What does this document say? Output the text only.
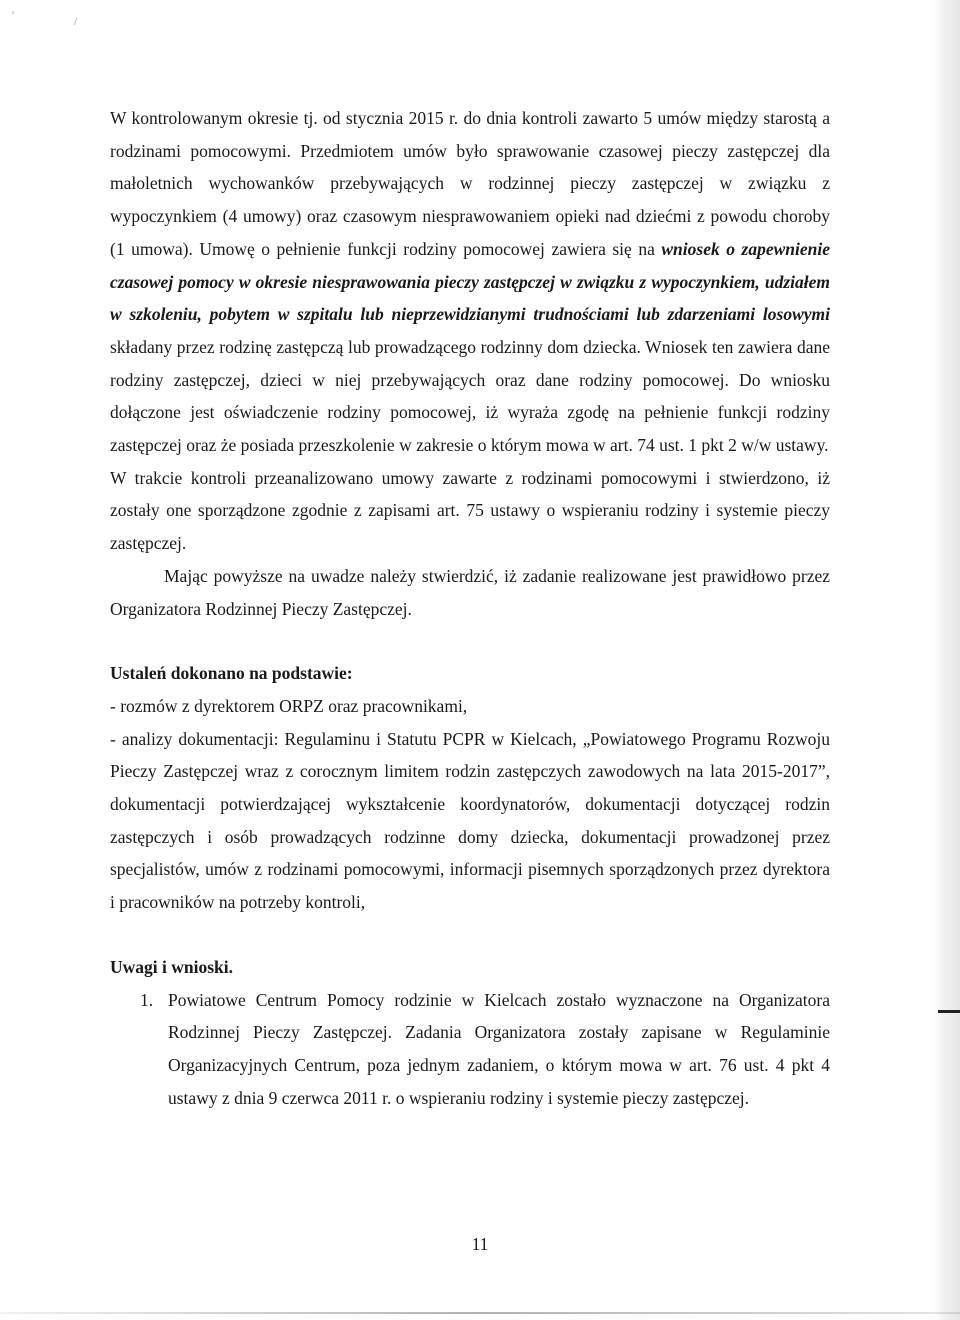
'	/

W kontrolowanym okresie tj. od stycznia 2015 r. do dnia kontroli zawarto 5 umów między starostą a rodzinami pomocowymi. Przedmiotem umów było sprawowanie czasowej pieczy zastępczej dla małoletnich wychowanków przebywających w rodzinnej pieczy zastępczej w związku z wypoczynkiem (4 umowy) oraz czasowym niesprawowaniem opieki nad dziećmi z powodu choroby (1 umowa). Umowę o pełnienie funkcji rodziny pomocowej zawiera się na wniosek o zapewnienie czasowej pomocy w okresie niesprawowania pieczy zastępczej w związku z wypoczynkiem, udziałem w szkoleniu, pobytem w szpitalu lub nieprzewidzianymi trudnościami lub zdarzeniami losowymi składany przez rodzinę zastępczą lub prowadzącego rodzinny dom dziecka. Wniosek ten zawiera dane rodziny zastępczej, dzieci w niej przebywających oraz dane rodziny pomocowej. Do wniosku dołączone jest oświadczenie rodziny pomocowej, iż wyraża zgodę na pełnienie funkcji rodziny zastępczej oraz że posiada przeszkolenie w zakresie o którym mowa w art. 74 ust. 1 pkt 2 w/w ustawy.

W trakcie kontroli przeanalizowano umowy zawarte z rodzinami pomocowymi i stwierdzono, iż zostały one sporządzone zgodnie z zapisami art. 75 ustawy o wspieraniu rodziny i systemie pieczy zastępczej.

Mając powyższe na uwadze należy stwierdzić, iż zadanie realizowane jest prawidłowo przez Organizatora Rodzinnej Pieczy Zastępczej.

Ustaleń dokonano na podstawie:

- rozmów z dyrektorem ORPZ oraz pracownikami,

- analizy dokumentacji: Regulaminu i Statutu PCPR w Kielcach, „Powiatowego Programu Rozwoju Pieczy Zastępczej wraz z corocznym limitem rodzin zastępczych zawodowych na lata 2015-2017”, dokumentacji potwierdzającej wykształcenie koordynatorów, dokumentacji dotyczącej rodzin zastępczych i osób prowadzących rodzinne domy dziecka, dokumentacji prowadzonej przez specjalistów, umów z rodzinami pomocowymi, informacji pisemnych sporządzonych przez dyrektora i pracowników na potrzeby kontroli,

Uwagi i wnioski.

1. Powiatowe Centrum Pomocy rodzinie w Kielcach zostało wyznaczone na Organizatora Rodzinnej Pieczy Zastępczej. Zadania Organizatora zostały zapisane w Regulaminie Organizacyjnych Centrum, poza jednym zadaniem, o którym mowa w art. 76 ust. 4 pkt 4 ustawy z dnia 9 czerwca 2011 r. o wspieraniu rodziny i systemie pieczy zastępczej.
11
